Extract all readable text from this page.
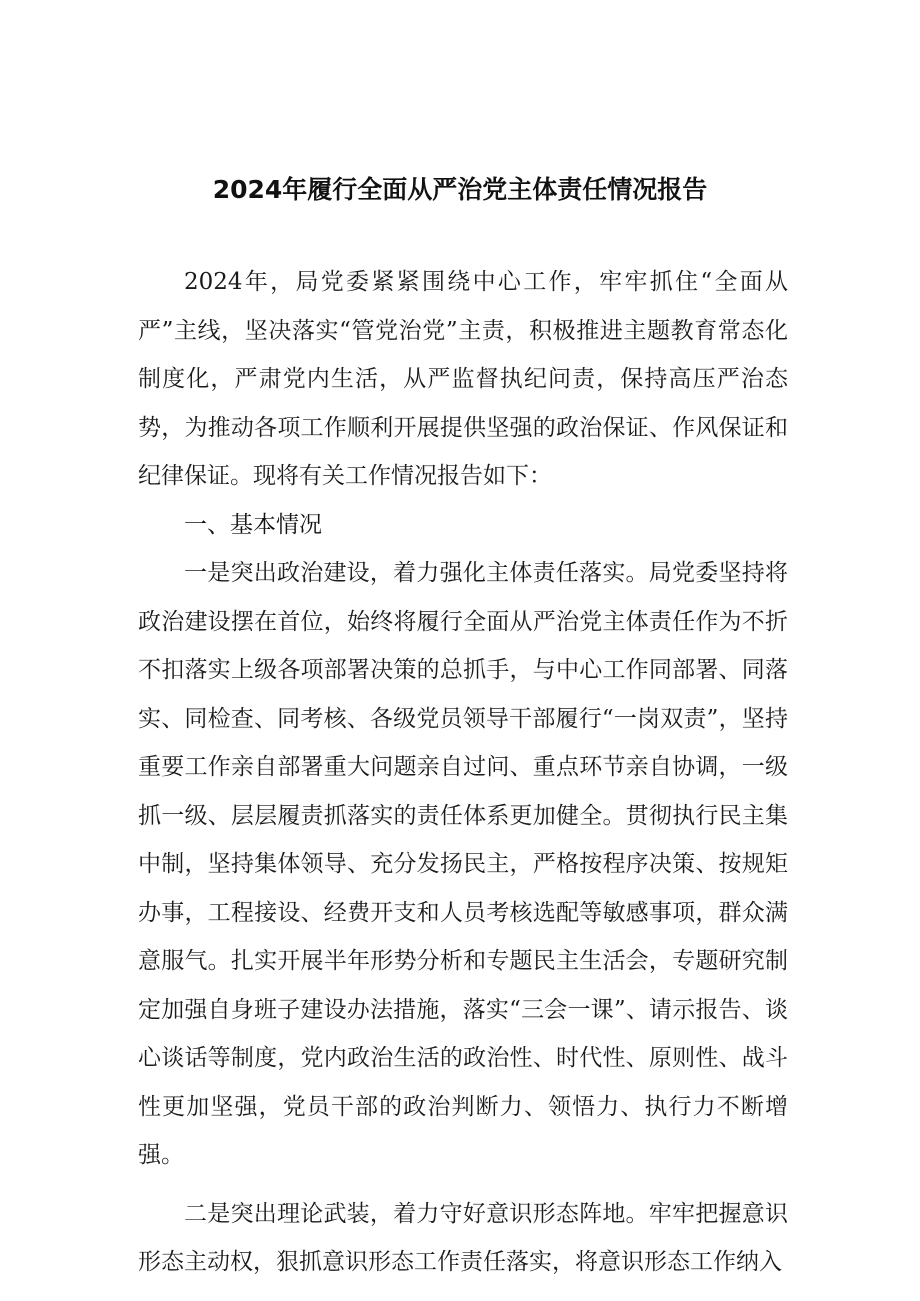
2024年履行全面从严治党主体责任情况报告

2024年，局党委紧紧围绕中心工作，牢牢抓住“全面从严”主线，坚决落实“管党治党”主责，积极推进主题教育常态化制度化，严肃党内生活，从严监督执纪问责，保持高压严治态势，为推动各项工作顺利开展提供坚强的政治保证、作风保证和纪律保证。现将有关工作情况报告如下：

一、基本情况

一是突出政治建设，着力强化主体责任落实。局党委坚持将政治建设摆在首位，始终将履行全面从严治党主体责任作为不折不扣落实上级各项部署决策的总抓手，与中心工作同部署、同落实、同检查、同考核、各级党员领导干部履行“一岗双责”，坚持重要工作亲自部署重大问题亲自过问、重点环节亲自协调，一级抓一级、层层履责抓落实的责任体系更加健全。贯彻执行民主集中制，坚持集体领导、充分发扬民主，严格按程序决策、按规矩办事，工程接设、经费开支和人员考核选配等敏感事项，群众满意服气。扎实开展半年形势分析和专题民主生活会，专题研究制定加强自身班子建设办法措施，落实“三会一课”、请示报告、谈心谈话等制度，党内政治生活的政治性、时代性、原则性、战斗性更加坚强，党员干部的政治判断力、领悟力、执行力不断增强。

二是突出理论武装，着力守好意识形态阵地。牢牢把握意识形态主动权，狠抓意识形态工作责任落实，将意识形态工作纳入
